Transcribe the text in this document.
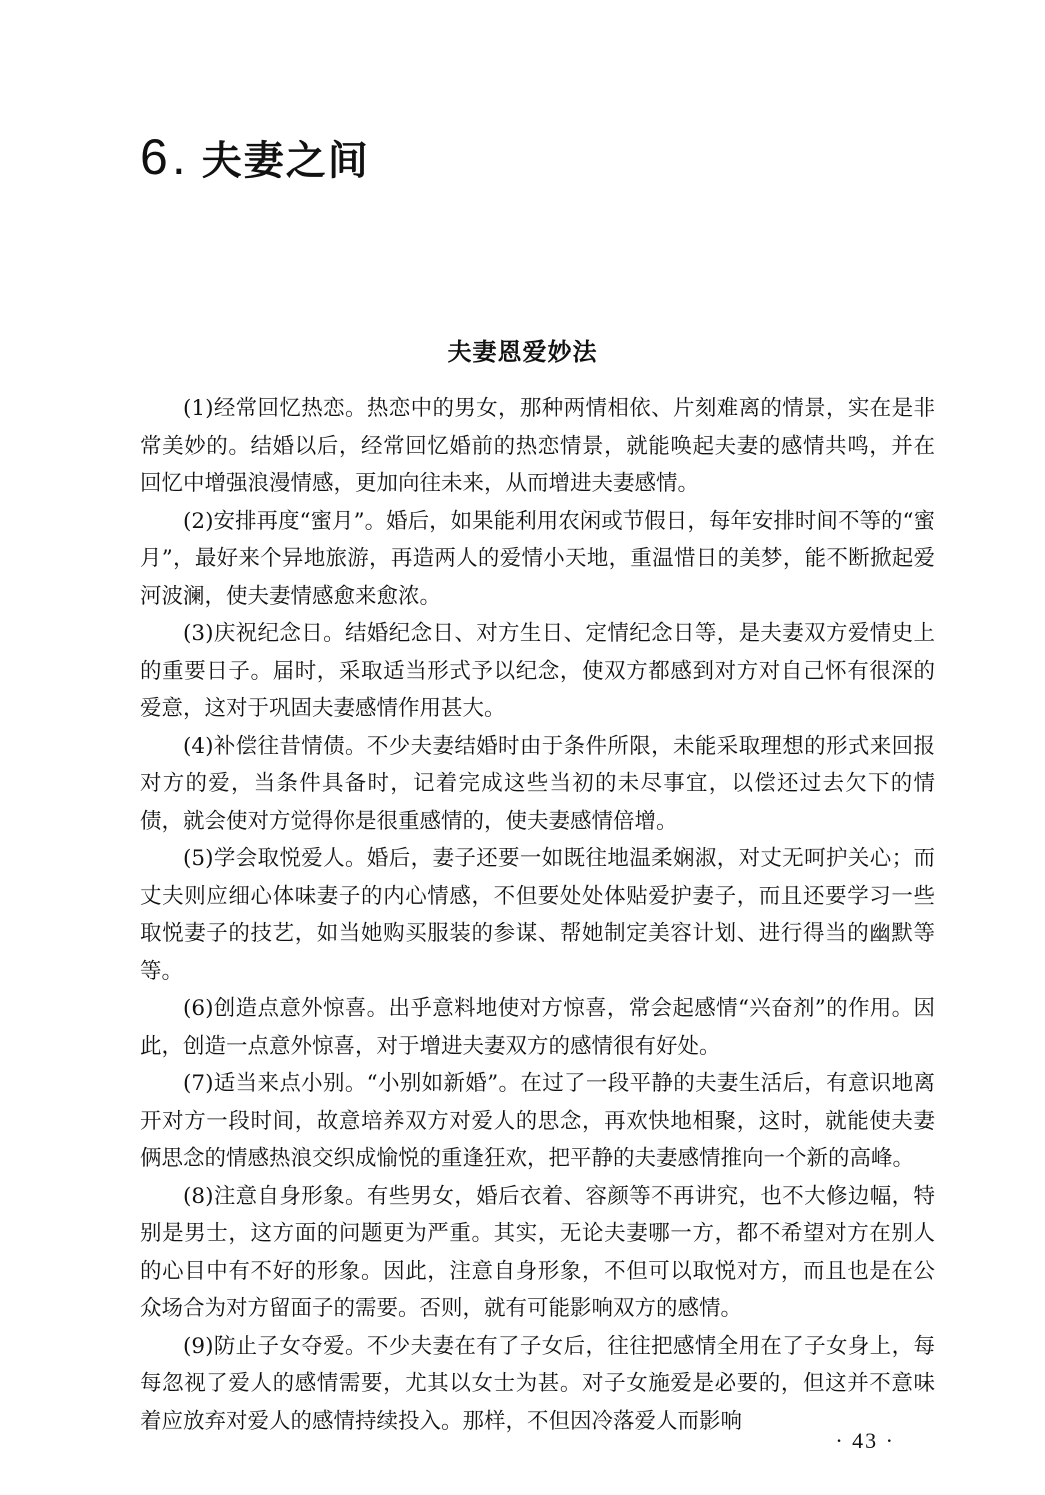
6 . 夫妻之间
夫妻恩爱妙法

(1)经常回忆热恋。热恋中的男女，那种两情相依、片刻难离的情景，实在是非常美妙的。结婚以后，经常回忆婚前的热恋情景，就能唤起夫妻的感情共鸣，并在回忆中增强浪漫情感，更加向往未来，从而增进夫妻感情。

(2)安排再度“蜜月”。婚后，如果能利用农闲或节假日，每年安排时间不等的“蜜月”，最好来个异地旅游，再造两人的爱情小天地，重温惜日的美梦，能不断掀起爱河波澜，使夫妻情感愈来愈浓。

(3)庆祝纪念日。结婚纪念日、对方生日、定情纪念日等，是夫妻双方爱情史上的重要日子。届时，采取适当形式予以纪念，使双方都感到对方对自己怀有很深的爱意，这对于巩固夫妻感情作用甚大。

(4)补偿往昔情债。不少夫妻结婚时由于条件所限，未能采取理想的形式来回报对方的爱，当条件具备时，记着完成这些当初的未尽事宜，以偿还过去欠下的情债，就会使对方觉得你是很重感情的，使夫妻感情倍增。

(5)学会取悦爱人。婚后，妻子还要一如既往地温柔娴淑，对丈无呵护关心；而丈夫则应细心体味妻子的内心情感，不但要处处体贴爱护妻子，而且还要学习一些取悦妻子的技艺，如当她购买服装的参谋、帮她制定美容计划、进行得当的幽默等等。

(6)创造点意外惊喜。出乎意料地使对方惊喜，常会起感情“兴奋剂”的作用。因此，创造一点意外惊喜，对于增进夫妻双方的感情很有好处。

(7)适当来点小别。“小别如新婚”。在过了一段平静的夫妻生活后，有意识地离开对方一段时间，故意培养双方对爱人的思念，再欢快地相聚，这时，就能使夫妻俩思念的情感热浪交织成愉悦的重逢狂欢，把平静的夫妻感情推向一个新的高峰。

(8)注意自身形象。有些男女，婚后衣着、容颜等不再讲究，也不大修边幅，特别是男士，这方面的问题更为严重。其实，无论夫妻哪一方，都不希望对方在别人的心目中有不好的形象。因此，注意自身形象，不但可以取悦对方，而且也是在公众场合为对方留面子的需要。否则，就有可能影响双方的感情。

(9)防止子女夺爱。不少夫妻在有了子女后，往往把感情全用在了子女身上，每每忽视了爱人的感情需要，尤其以女士为甚。对子女施爱是必要的，但这并不意味着应放弃对爱人的感情持续投入。那样，不但因冷落爱人而影响

· 43 ·
